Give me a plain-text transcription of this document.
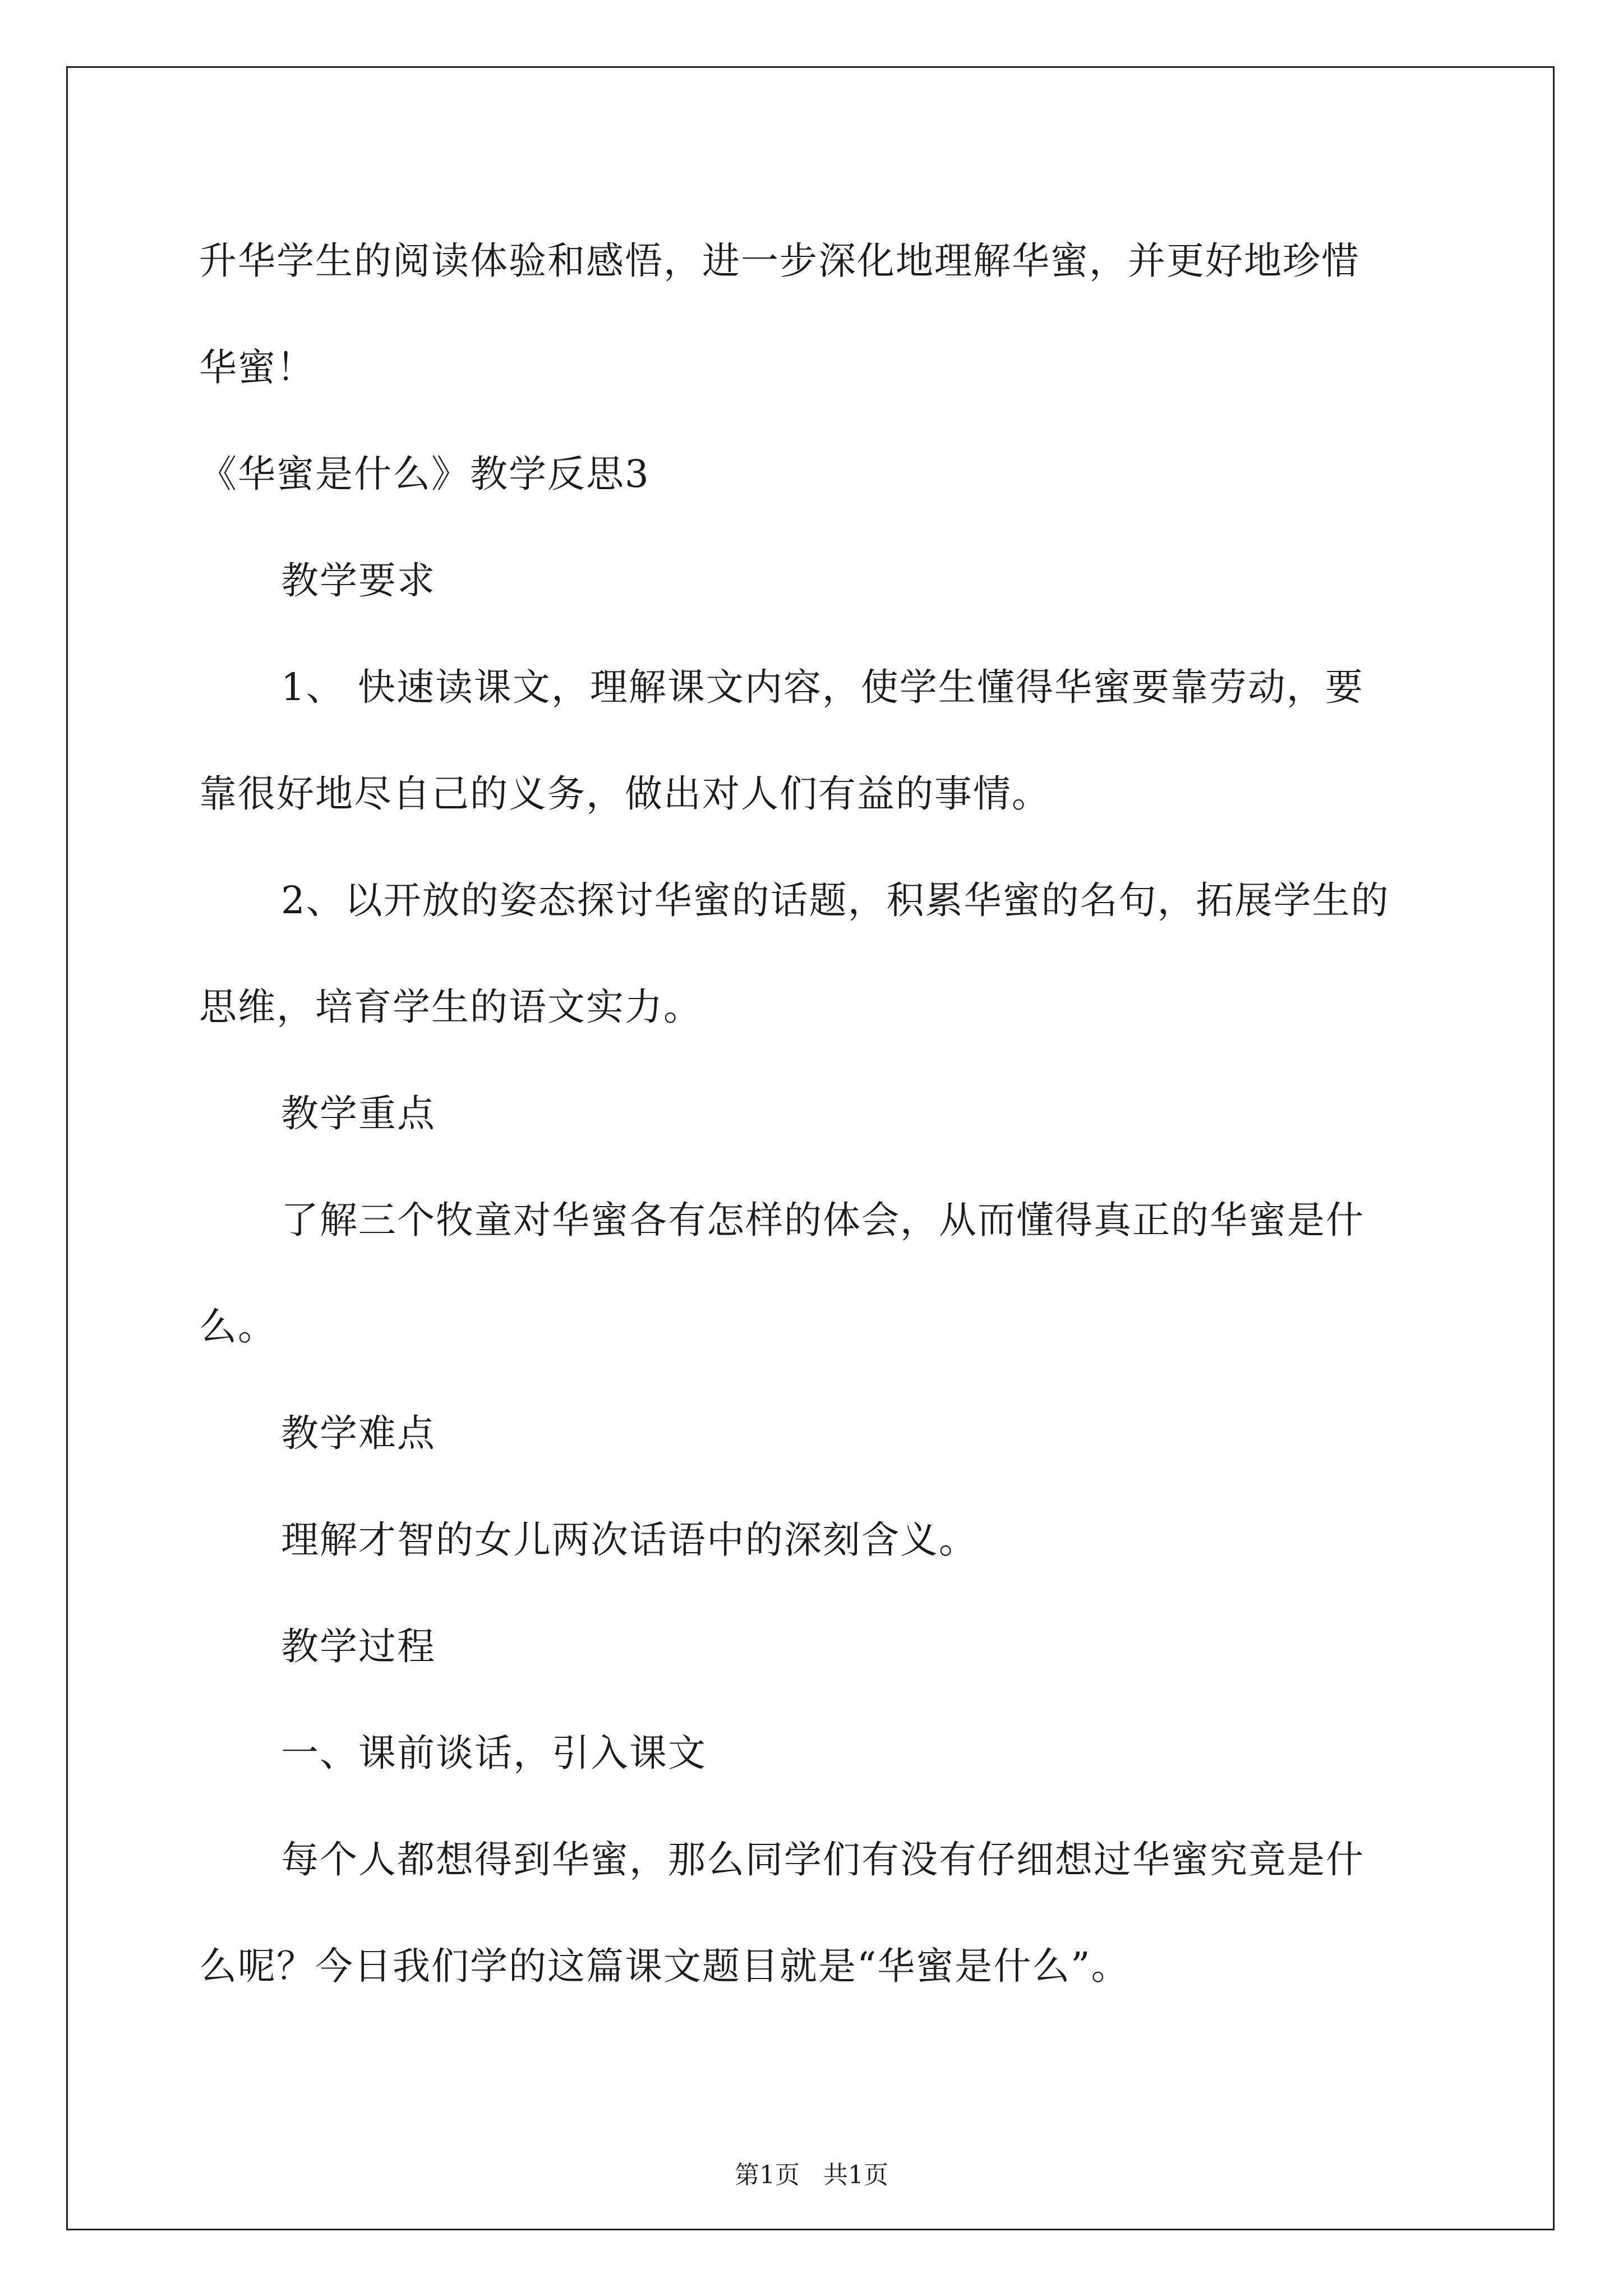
升华学生的阅读体验和感悟，进一步深化地理解华蜜，并更好地珍惜
华蜜！
《华蜜是什么》教学反思3
教学要求
1、 快速读课文，理解课文内容，使学生懂得华蜜要靠劳动，要
靠很好地尽自己的义务，做出对人们有益的事情。
2、以开放的姿态探讨华蜜的话题，积累华蜜的名句，拓展学生的
思维，培育学生的语文实力。
教学重点
了解三个牧童对华蜜各有怎样的体会，从而懂得真正的华蜜是什
么。
教学难点
理解才智的女儿两次话语中的深刻含义。
教学过程
一、课前谈话，引入课文
每个人都想得到华蜜，那么同学们有没有仔细想过华蜜究竟是什
么呢？今日我们学的这篇课文题目就是“华蜜是什么”。
第1页   共1页
